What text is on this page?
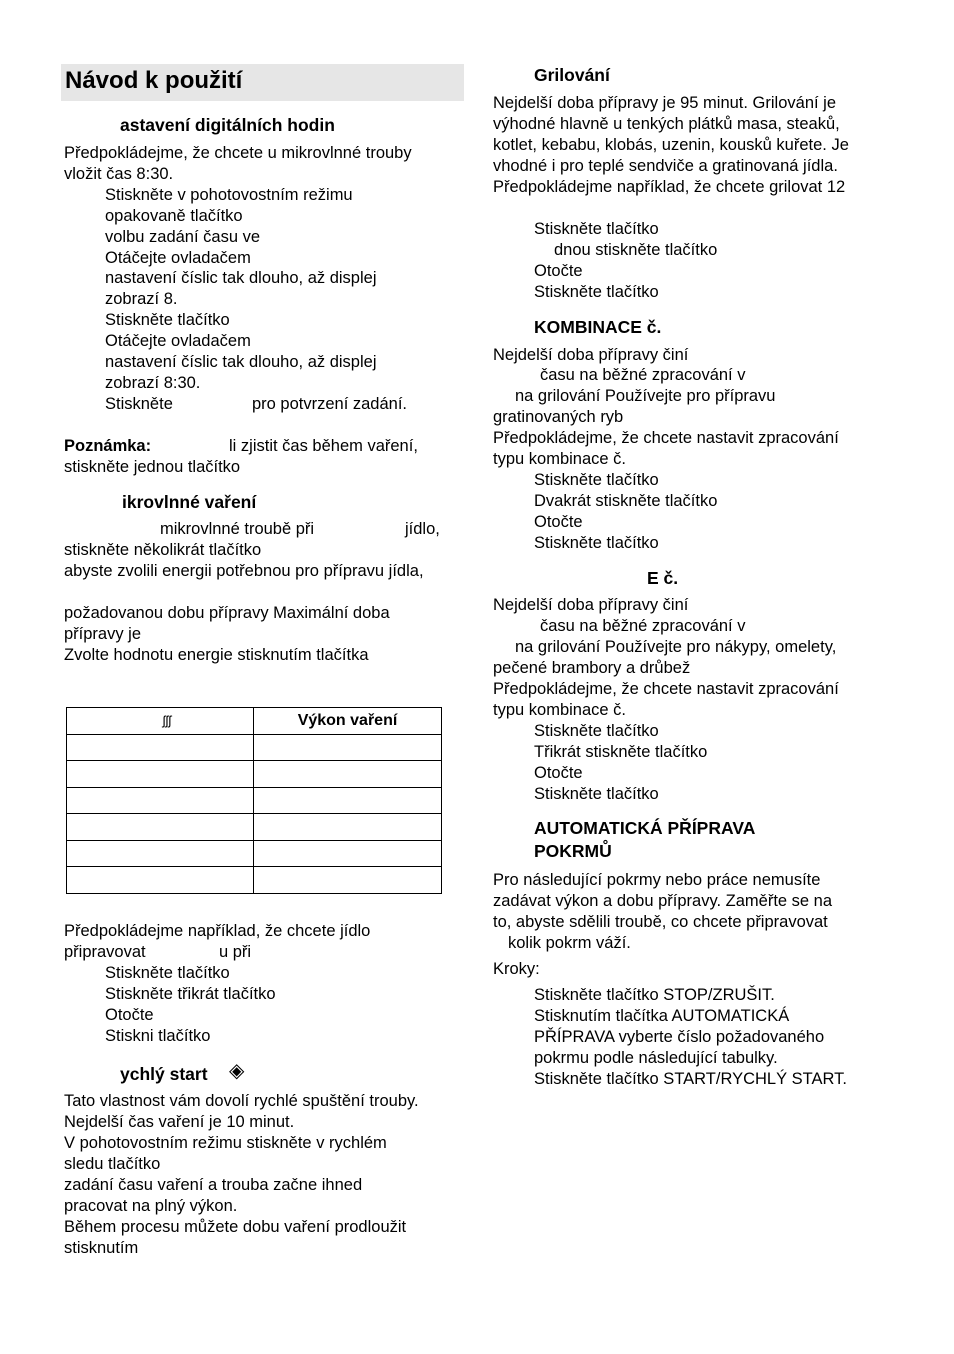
Návod k použití
astavení digitálních hodin
Předpokládejme, že chcete u mikrovlnné trouby
vložit čas 8:30.
Stiskněte v pohotovostním režimu
opakovaně tlačítko
volbu zadání času ve
Otáčejte ovladačem
nastavení číslic tak dlouho, až displej
zobrazí 8.
Stiskněte tlačítko
Otáčejte ovladačem
nastavení číslic tak dlouho, až displej
zobrazí 8:30.
Stiskněte	pro potvrzení zadání.
Poznámka:	li zjistit čas během vaření,
stiskněte jednou tlačítko
ikrovlnné vaření
mikrovlnné troubě při	jídlo,
stiskněte několikrát tlačítko
abyste zvolili energii potřebnou pro přípravu jídla,
požadovanou dobu přípravy Maximální doba
přípravy je
Zvolte hodnotu energie stisknutím tlačítka
ʃʃʃ	Výkon vaření

Předpokládejme například, že chcete jídlo
připravovat	u při
Stiskněte tlačítko
Stiskněte třikrát tlačítko
Otočte
Stiskni tlačítko
ychlý start ◈
Tato vlastnost vám dovolí rychlé spuštění trouby.
Nejdelší čas vaření je 10 minut.
V pohotovostním režimu stiskněte v rychlém
sledu tlačítko
zadání času vaření a trouba začne ihned
pracovat na plný výkon.
Během procesu můžete dobu vaření prodloužit
stisknutím
Grilování
Nejdelší doba přípravy je 95 minut. Grilování je
výhodné hlavně u tenkých plátků masa, steaků,
kotlet, kebabu, klobás, uzenin, kousků kuřete. Je
vhodné i pro teplé sendviče a gratinovaná jídla.
Předpokládejme například, že chcete grilovat 12
Stiskněte tlačítko
dnou stiskněte tlačítko
Otočte
Stiskněte tlačítko
KOMBINACE č.
Nejdelší doba přípravy činí
času na běžné zpracování v
na grilování Používejte pro přípravu
gratinovaných ryb
Předpokládejme, že chcete nastavit zpracování
typu kombinace č.
Stiskněte tlačítko
Dvakrát stiskněte tlačítko
Otočte
Stiskněte tlačítko
E č.
Nejdelší doba přípravy činí
času na běžné zpracování v
na grilování Používejte pro nákypy, omelety,
pečené brambory a drůbež
Předpokládejme, že chcete nastavit zpracování
typu kombinace č.
Stiskněte tlačítko
Třikrát stiskněte tlačítko
Otočte
Stiskněte tlačítko
AUTOMATICKÁ PŘÍPRAVA
POKRMŮ
Pro následující pokrmy nebo práce nemusíte
zadávat výkon a dobu přípravy. Zaměřte se na
to, abyste sdělili troubě, co chcete připravovat
kolik pokrm váží.
Kroky:
Stiskněte tlačítko STOP/ZRUŠIT.
Stisknutím tlačítka AUTOMATICKÁ
PŘÍPRAVA vyberte číslo požadovaného
pokrmu podle následující tabulky.
Stiskněte tlačítko START/RYCHLÝ START.
